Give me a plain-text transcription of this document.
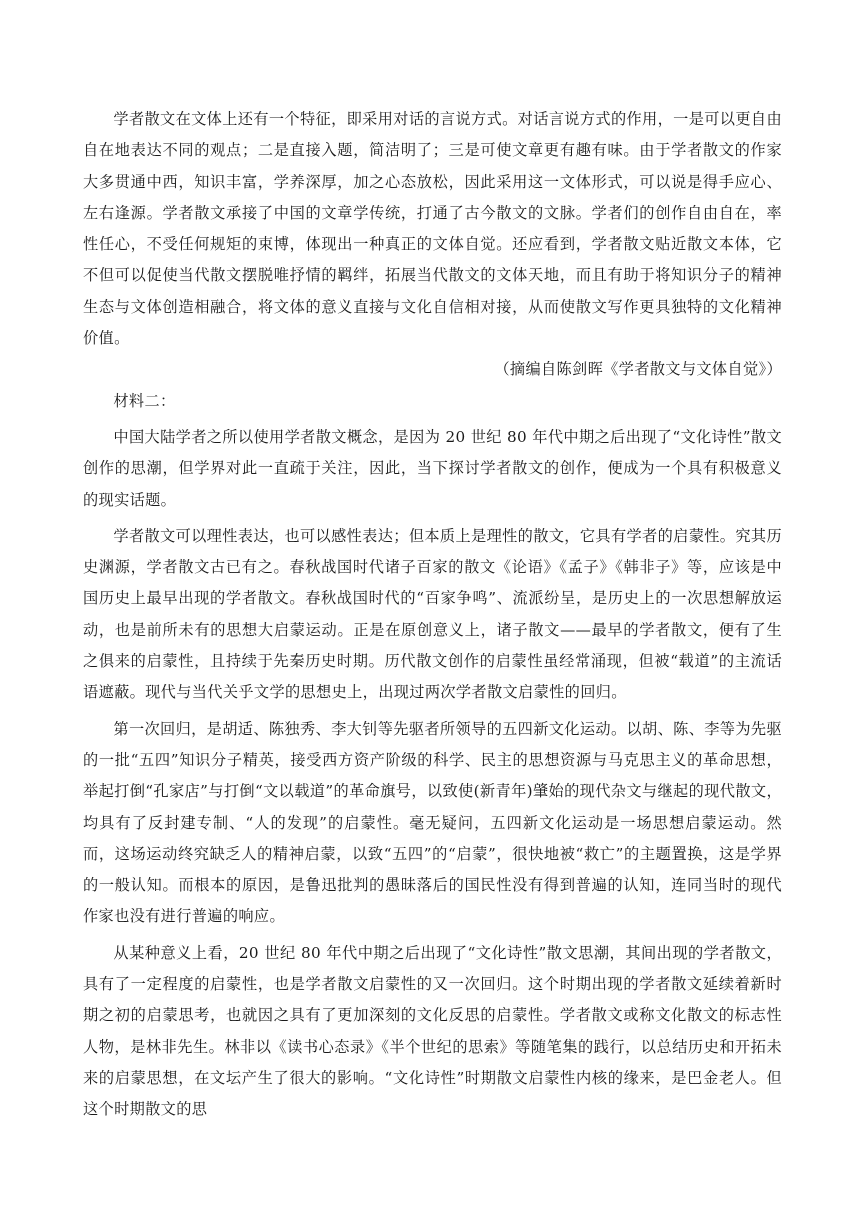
学者散文在文体上还有一个特征，即采用对话的言说方式。对话言说方式的作用，一是可以更自由自在地表达不同的观点；二是直接入题，简洁明了；三是可使文章更有趣有味。由于学者散文的作家大多贯通中西，知识丰富，学养深厚，加之心态放松，因此采用这一文体形式，可以说是得手应心、左右逢源。学者散文承接了中国的文章学传统，打通了古今散文的文脉。学者们的创作自由自在，率性任心，不受任何规矩的束博，体现出一种真正的文体自觉。还应看到，学者散文贴近散文本体，它不但可以促使当代散文摆脱唯抒情的羁绊，拓展当代散文的文体天地，而且有助于将知识分子的精神生态与文体创造相融合，将文体的意义直接与文化自信相对接，从而使散文写作更具独特的文化精神价值。

（摘编自陈剑晖《学者散文与文体自觉》）

材料二：

中国大陆学者之所以使用学者散文概念，是因为 20 世纪 80 年代中期之后出现了“文化诗性”散文创作的思潮，但学界对此一直疏于关注，因此，当下探讨学者散文的创作，便成为一个具有积极意义的现实话题。

学者散文可以理性表达，也可以感性表达；但本质上是理性的散文，它具有学者的启蒙性。究其历史渊源，学者散文古已有之。春秋战国时代诸子百家的散文《论语》《孟子》《韩非子》等，应该是中国历史上最早出现的学者散文。春秋战国时代的“百家争鸣”、流派纷呈，是历史上的一次思想解放运动，也是前所未有的思想大启蒙运动。正是在原创意义上，诸子散文——最早的学者散文，便有了生之俱来的启蒙性，且持续于先秦历史时期。历代散文创作的启蒙性虽经常涌现，但被“载道”的主流话语遮蔽。现代与当代关乎文学的思想史上，出现过两次学者散文启蒙性的回归。

第一次回归，是胡适、陈独秀、李大钊等先驱者所领导的五四新文化运动。以胡、陈、李等为先驱的一批“五四”知识分子精英，接受西方资产阶级的科学、民主的思想资源与马克思主义的革命思想，举起打倒“孔家店”与打倒“文以载道”的革命旗号，以致使(新青年)肇始的现代杂文与继起的现代散文，均具有了反封建专制、“人的发现”的启蒙性。毫无疑问，五四新文化运动是一场思想启蒙运动。然而，这场运动终究缺乏人的精神启蒙，以致“五四”的“启蒙”，很快地被“救亡”的主题置换，这是学界的一般认知。而根本的原因，是鲁迅批判的愚昧落后的国民性没有得到普遍的认知，连同当时的现代作家也没有进行普遍的响应。

从某种意义上看，20 世纪 80 年代中期之后出现了“文化诗性”散文思潮，其间出现的学者散文，具有了一定程度的启蒙性，也是学者散文启蒙性的又一次回归。这个时期出现的学者散文延续着新时期之初的启蒙思考，也就因之具有了更加深刻的文化反思的启蒙性。学者散文或称文化散文的标志性人物，是林非先生。林非以《读书心态录》《半个世纪的思索》等随笔集的践行，以总结历史和开拓未来的启蒙思想，在文坛产生了很大的影响。“文化诗性”时期散文启蒙性内核的缘来，是巴金老人。但这个时期散文的思
